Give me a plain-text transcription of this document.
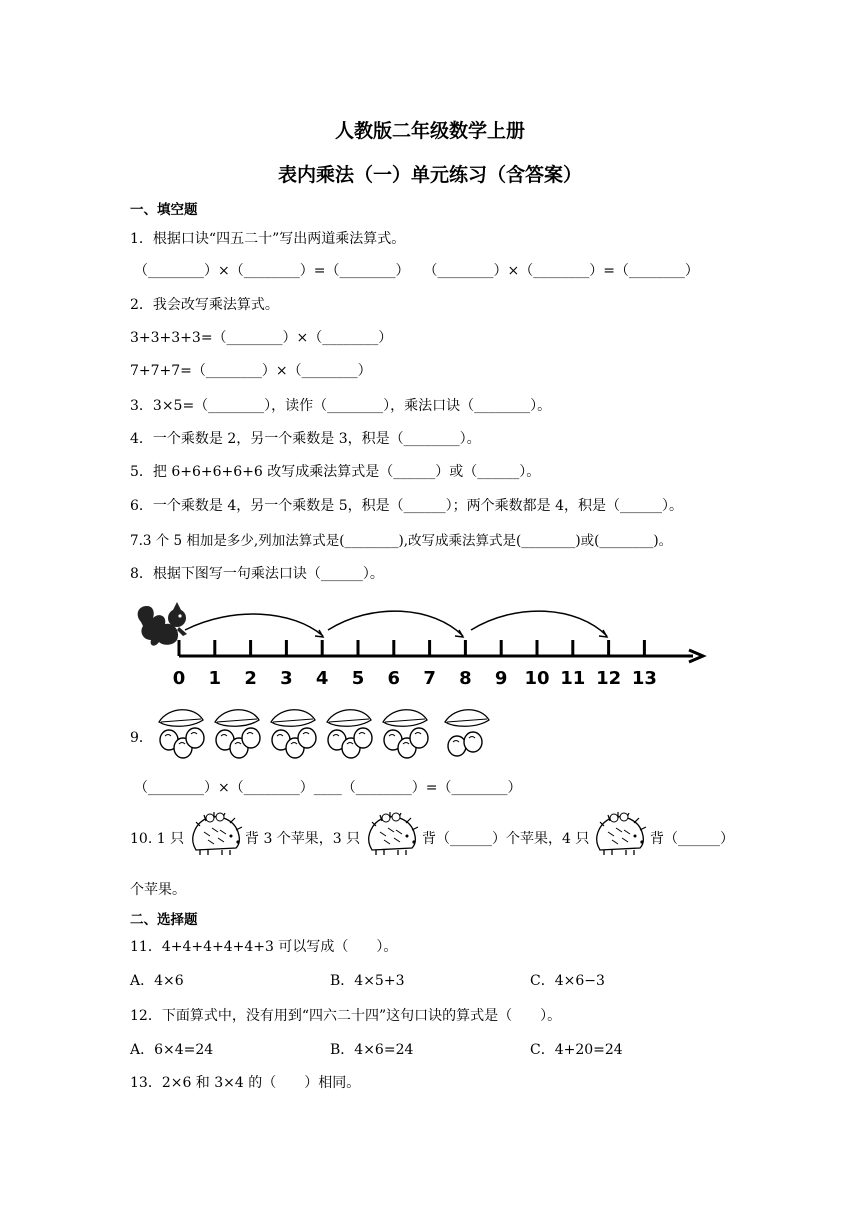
人教版二年级数学上册
表内乘法（一）单元练习（含答案）
一、填空题
1．根据口诀“四五二十”写出两道乘法算式。
（________）×（________）=（________）　　（________）×（________）=（________）
2．我会改写乘法算式。
3+3+3+3=（________）×（________）
7+7+7=（________）×（________）
3．3×5=（________），读作（________），乘法口诀（________）。
4．一个乘数是 2，另一个乘数是 3，积是（________）。
5．把 6+6+6+6+6 改写成乘法算式是（______）或（______）。
6．一个乘数是 4，另一个乘数是 5，积是（______）；两个乘数都是 4，积是（______）。
7.3 个 5 相加是多少,列加法算式是(________),改写成乘法算式是(________)或(________)。
8．根据下图写一句乘法口诀（______）。
0 1 2 3 4 5 6 7 8 9 10 11 12 13
9．
（________）×（________）____（________）=（________）
10. 1 只	背 3 个苹果，3 只	背（______）个苹果，4 只	背（______）
个苹果。
二、选择题
11．4+4+4+4+4+3 可以写成（　　）。
A．4×6	B．4×5+3	C．4×6−3
12．下面算式中，没有用到“四六二十四”这句口诀的算式是（　　）。
A．6×4=24	B．4×6=24	C．4+20=24
13．2×6 和 3×4 的（　　）相同。
